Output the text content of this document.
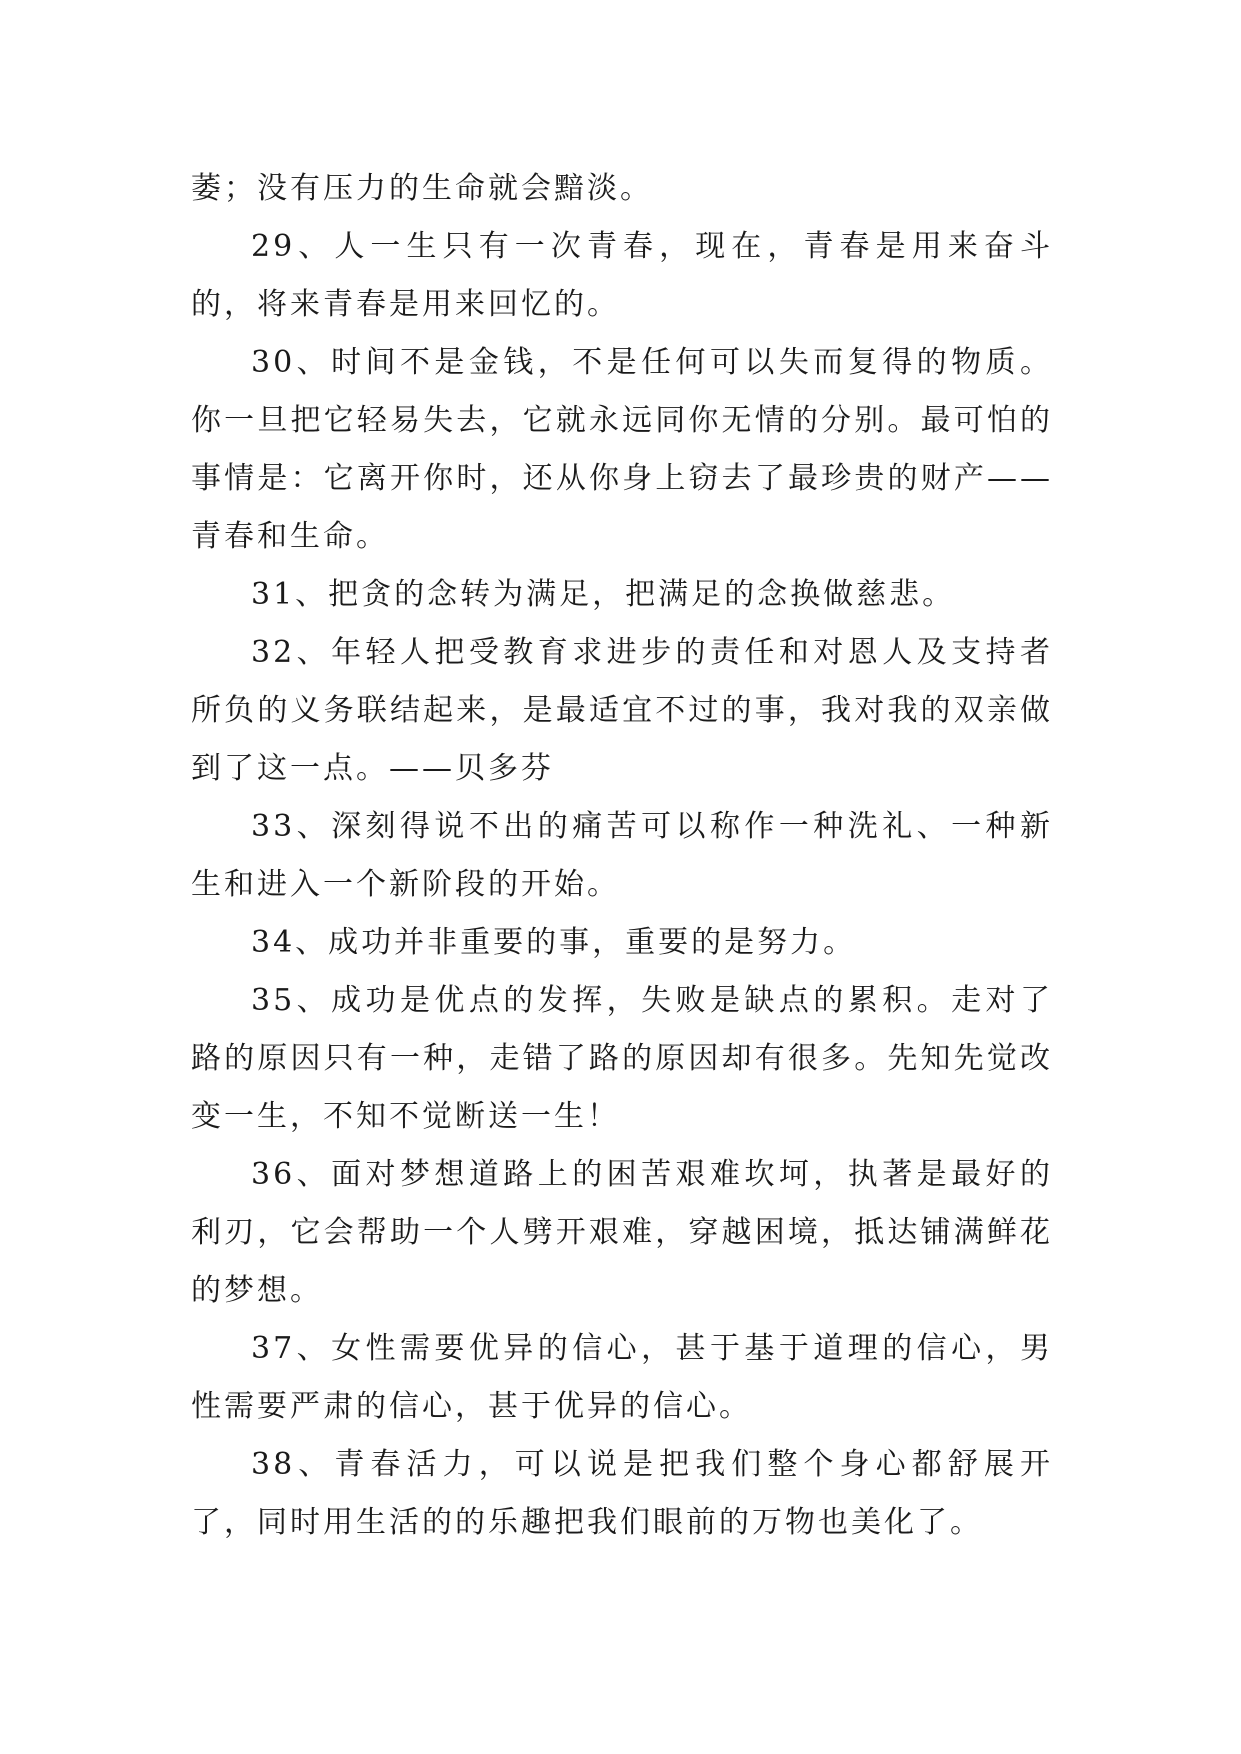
萎；没有压力的生命就会黯淡。

29、人一生只有一次青春，现在，青春是用来奋斗的，将来青春是用来回忆的。

30、时间不是金钱，不是任何可以失而复得的物质。你一旦把它轻易失去，它就永远同你无情的分别。最可怕的事情是：它离开你时，还从你身上窃去了最珍贵的财产——青春和生命。

31、把贪的念转为满足，把满足的念换做慈悲。

32、年轻人把受教育求进步的责任和对恩人及支持者所负的义务联结起来，是最适宜不过的事，我对我的双亲做到了这一点。——贝多芬

33、深刻得说不出的痛苦可以称作一种洗礼、一种新生和进入一个新阶段的开始。

34、成功并非重要的事，重要的是努力。

35、成功是优点的发挥，失败是缺点的累积。走对了路的原因只有一种，走错了路的原因却有很多。先知先觉改变一生，不知不觉断送一生！

36、面对梦想道路上的困苦艰难坎坷，执著是最好的利刃，它会帮助一个人劈开艰难，穿越困境，抵达铺满鲜花的梦想。

37、女性需要优异的信心，甚于基于道理的信心，男性需要严肃的信心，甚于优异的信心。

38、青春活力，可以说是把我们整个身心都舒展开了，同时用生活的的乐趣把我们眼前的万物也美化了。
